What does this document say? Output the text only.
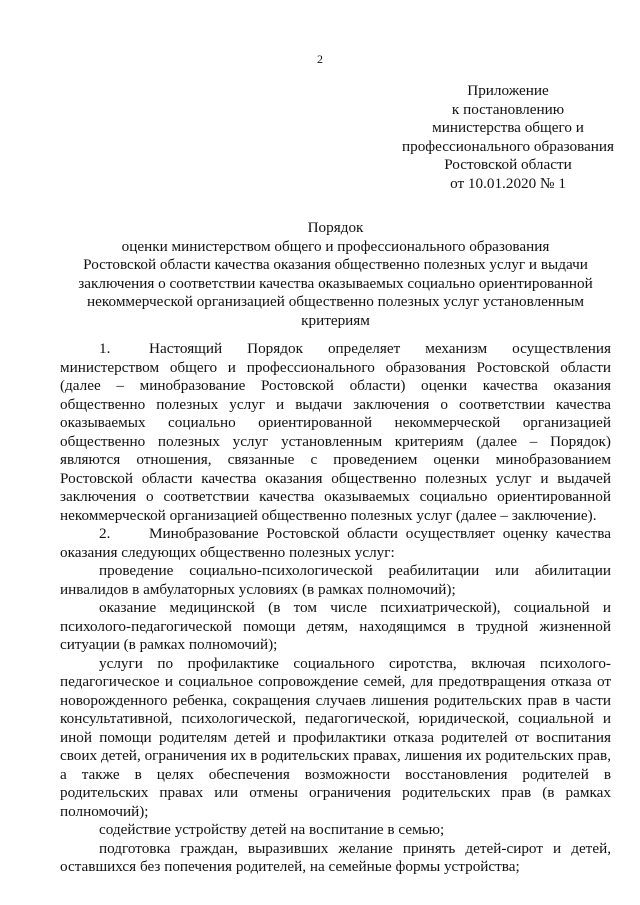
2
Приложение
к постановлению
министерства общего и
профессионального образования
Ростовской области
от 10.01.2020 № 1
Порядок
оценки министерством общего и профессионального образования
Ростовской области качества оказания общественно полезных услуг и выдачи
заключения о соответствии качества оказываемых социально ориентированной
некоммерческой организацией общественно полезных услуг установленным
критериям

1.	Настоящий Порядок определяет механизм осуществления министерством общего и профессионального образования Ростовской области (далее – минобразование Ростовской области) оценки качества оказания общественно полезных услуг и выдачи заключения о соответствии качества оказываемых социально ориентированной некоммерческой организацией общественно полезных услуг установленным критериям (далее – Порядок) являются отношения, связанные с проведением оценки минобразованием Ростовской области качества оказания общественно полезных услуг и выдачей заключения о соответствии качества оказываемых социально ориентированной некоммерческой организацией общественно полезных услуг (далее – заключение).

2.	Минобразование Ростовской области осуществляет оценку качества оказания следующих общественно полезных услуг:

проведение социально-психологической реабилитации или абилитации инвалидов в амбулаторных условиях (в рамках полномочий);

оказание медицинской (в том числе психиатрической), социальной и психолого-педагогической помощи детям, находящимся в трудной жизненной ситуации (в рамках полномочий);

услуги по профилактике социального сиротства, включая психолого-педагогическое и социальное сопровождение семей, для предотвращения отказа от новорожденного ребенка, сокращения случаев лишения родительских прав в части консультативной, психологической, педагогической, юридической, социальной и иной помощи родителям детей и профилактики отказа родителей от воспитания своих детей, ограничения их в родительских правах, лишения их родительских прав, а также в целях обеспечения возможности восстановления родителей в родительских правах или отмены ограничения родительских прав (в рамках полномочий);

содействие устройству детей на воспитание в семью;

подготовка граждан, выразивших желание принять детей-сирот и детей, оставшихся без попечения родителей, на семейные формы устройства;
